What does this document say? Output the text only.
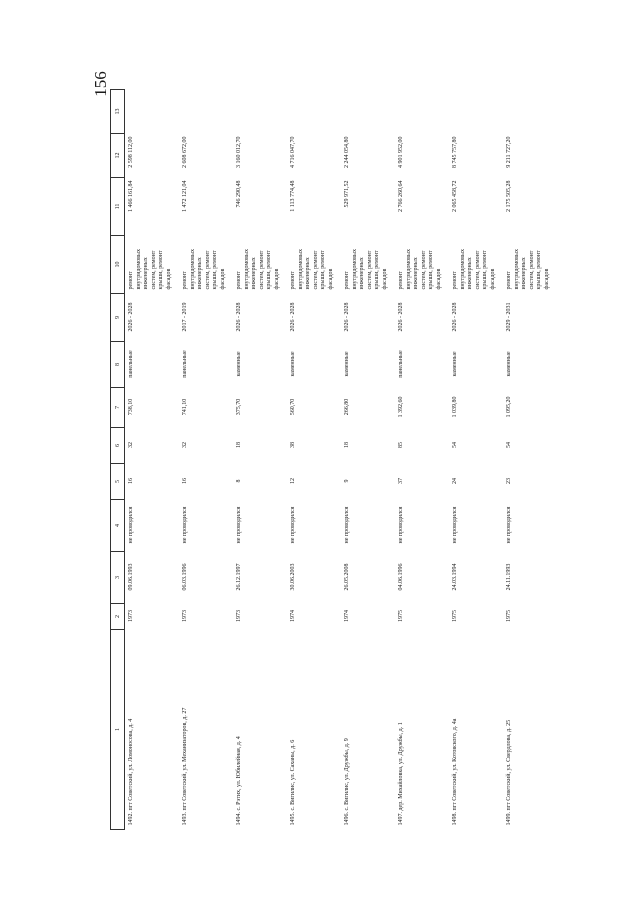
156
1	2	3	4	5	6	7	8	9	10	11	12	13
1492. пгт Советский, ул. Ломоносова, д. 4	1973	09.06.1993	не проводился	16	32	738,10	панельные	2026 - 2028	ремонт внутридомовых инженерных систем, ремонт крыши, ремонт фасадов	1 466 161,84	2 598 112,00	
1493. пгт Советский, ул. Механизаторов, д. 27	1973	06.03.1996	не проводился	16	32	741,10	панельные	2017 - 2019	ремонт внутридомовых инженерных систем, ремонт крыши, ремонт фасадов	1 472 121,04	2 608 672,00	
1494. с. Рэтих, ул. Юбилейная, д. 4	1973	26.12.1997	не проводился	8	18	375,70	каменные	2026 - 2028	ремонт внутридомовых инженерных систем, ремонт крыши, ремонт фасадов	746 290,48	3 160 012,70	
1495. с. Вигилис, ул. Саханы, д. 6	1974	30.06.2003	не проводился	12	38	560,70	каменные	2026 - 2028	ремонт внутридомовых инженерных систем, ремонт крыши, ремонт фасадов	1 113 774,48	4 716 047,70	
1496. с. Вигилис, ул. Дружбы, д. 9	1974	26.05.2008	не проводился	9	18	266,80	каменные	2026 - 2028	ремонт внутридомовых инженерных систем, ремонт крыши, ремонт фасадов	529 971,52	2 244 054,80	
1497. дер. Михайловка, ул. Дружбы, д. 1	1975	04.06.1996	не проводился	37	85	1 392,60	панельные	2026 - 2028	ремонт внутридомовых инженерных систем, ремонт крыши, ремонт фасадов	2 766 260,64	4 901 952,00	
1498. пгт Советский, ул. Котовского, д. 4а	1975	24.03.1994	не проводился	24	54	1 039,80	каменные	2026 - 2028	ремонт внутридомовых инженерных систем, ремонт крыши, ремонт фасадов	2 065 458,72	8 745 757,80	
1499. пгт Советский, ул. Свердлова, д. 25	1975	24.11.1993	не проводился	23	54	1 095,20	каменные	2029 - 2031	ремонт внутридомовых инженерных систем, ремонт крыши, ремонт фасадов	2 175 505,28	9 211 727,20	
